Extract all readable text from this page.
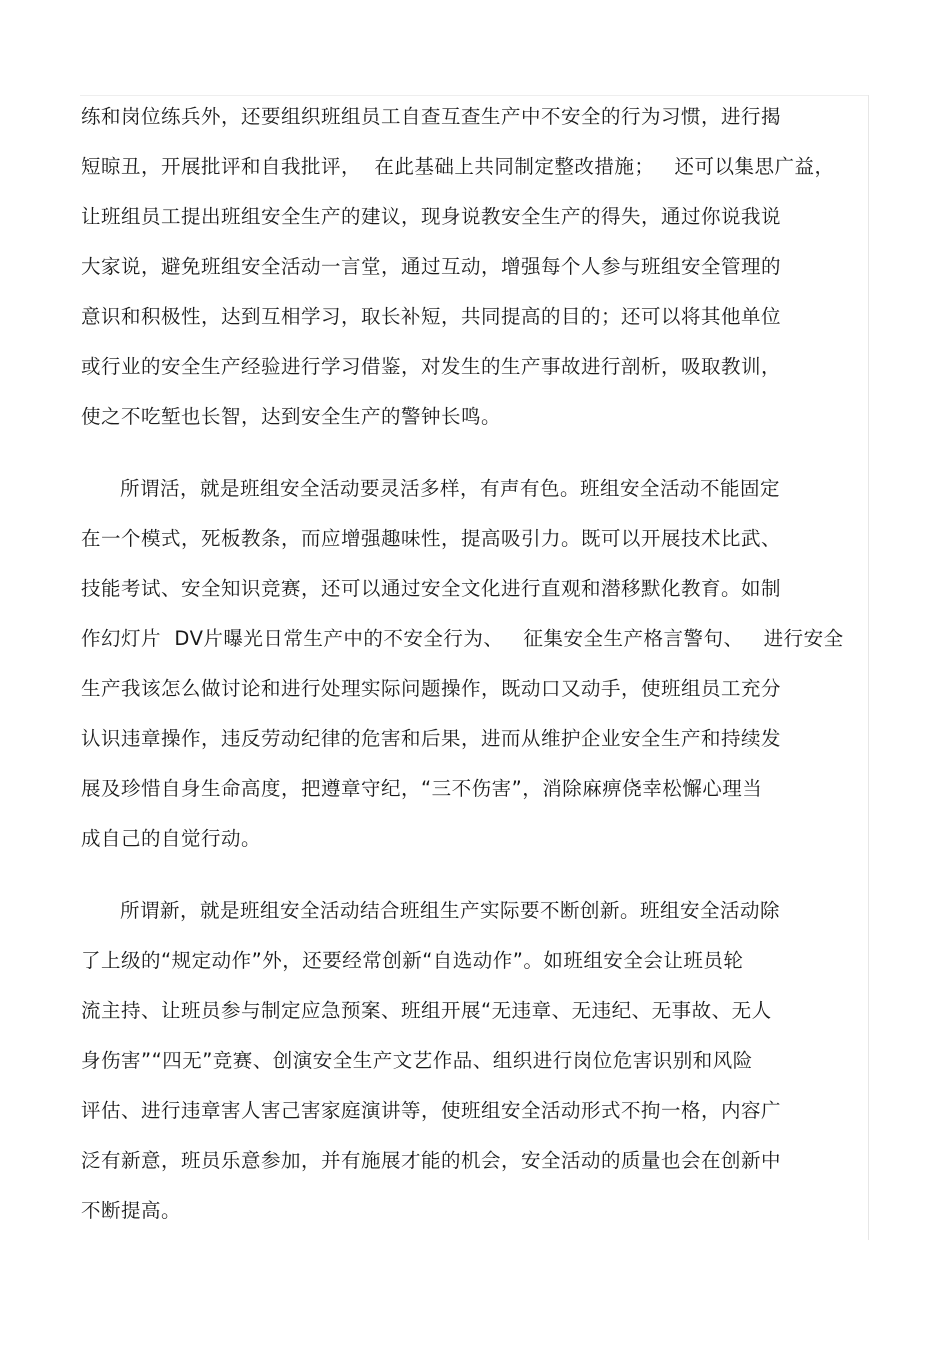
练和岗位练兵外，还要组织班组员工自查互查生产中不安全的行为习惯，进行揭
短晾丑，开展批评和自我批评，  在此基础上共同制定整改措施；   还可以集思广益，
让班组员工提出班组安全生产的建议，现身说教安全生产的得失，通过你说我说
大家说，避免班组安全活动一言堂，通过互动，增强每个人参与班组安全管理的
意识和积极性，达到互相学习，取长补短，共同提高的目的；还可以将其他单位
或行业的安全生产经验进行学习借鉴，对发生的生产事故进行剖析，吸取教训，
使之不吃堑也长智，达到安全生产的警钟长鸣。
所谓活，就是班组安全活动要灵活多样，有声有色。班组安全活动不能固定
在一个模式，死板教条，而应增强趣味性，提高吸引力。既可以开展技术比武、
技能考试、安全知识竞赛，还可以通过安全文化进行直观和潜移默化教育。如制
作幻灯片  DV片曝光日常生产中的不安全行为、   征集安全生产格言警句、   进行安全
生产我该怎么做讨论和进行处理实际问题操作，既动口又动手，使班组员工充分
认识违章操作，违反劳动纪律的危害和后果，进而从维护企业安全生产和持续发
展及珍惜自身生命高度，把遵章守纪，“三不伤害”，消除麻痹侥幸松懈心理当
成自己的自觉行动。
所谓新，就是班组安全活动结合班组生产实际要不断创新。班组安全活动除
了上级的“规定动作”外，还要经常创新“自选动作”。如班组安全会让班员轮
流主持、让班员参与制定应急预案、班组开展“无违章、无违纪、无事故、无人
身伤害”“四无”竞赛、创演安全生产文艺作品、组织进行岗位危害识别和风险
评估、进行违章害人害己害家庭演讲等，使班组安全活动形式不拘一格，内容广
泛有新意，班员乐意参加，并有施展才能的机会，安全活动的质量也会在创新中
不断提高。
